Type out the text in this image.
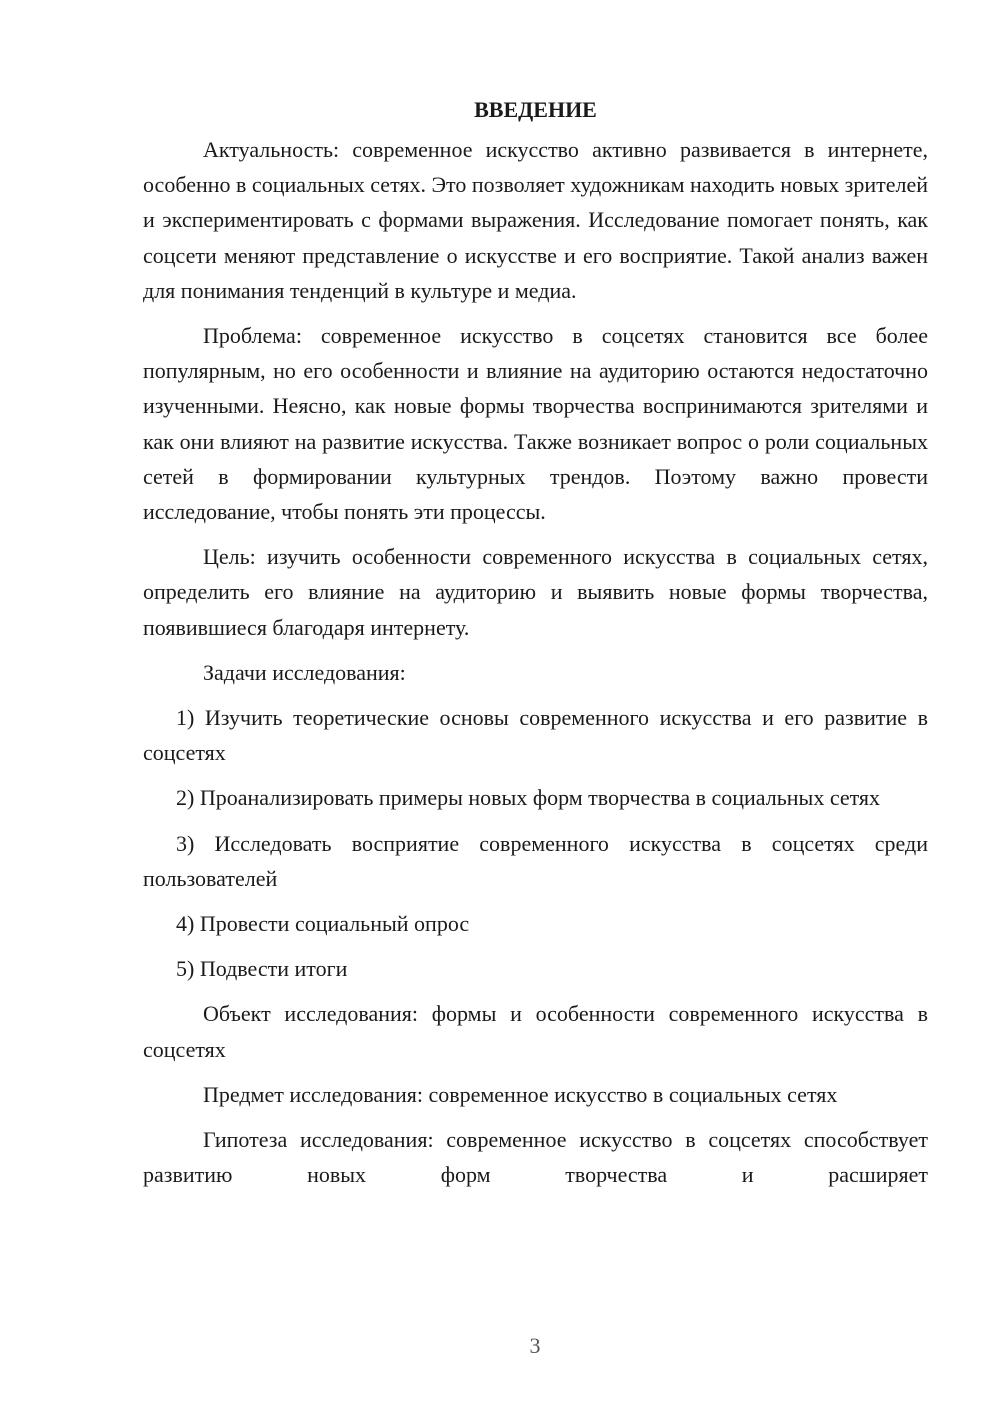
ВВЕДЕНИЕ

Актуальность: современное искусство активно развивается в интернете, особенно в социальных сетях. Это позволяет художникам находить новых зрителей и экспериментировать с формами выражения. Исследование помогает понять, как соцсети меняют представление о искусстве и его восприятие. Такой анализ важен для понимания тенденций в культуре и медиа.

Проблема: современное искусство в соцсетях становится все более популярным, но его особенности и влияние на аудиторию остаются недостаточно изученными. Неясно, как новые формы творчества воспринимаются зрителями и как они влияют на развитие искусства. Также возникает вопрос о роли социальных сетей в формировании культурных трендов. Поэтому важно провести исследование, чтобы понять эти процессы.

Цель: изучить особенности современного искусства в социальных сетях, определить его влияние на аудиторию и выявить новые формы творчества, появившиеся благодаря интернету.

Задачи исследования:

1) Изучить теоретические основы современного искусства и его развитие в соцсетях

2) Проанализировать примеры новых форм творчества в социальных сетях

3) Исследовать восприятие современного искусства в соцсетях среди пользователей

4) Провести социальный опрос

5) Подвести итоги

Объект исследования: формы и особенности современного искусства в соцсетях

Предмет исследования: современное искусство в социальных сетях

Гипотеза исследования: современное искусство в соцсетях способствует развитию новых форм творчества и расширяет

3
